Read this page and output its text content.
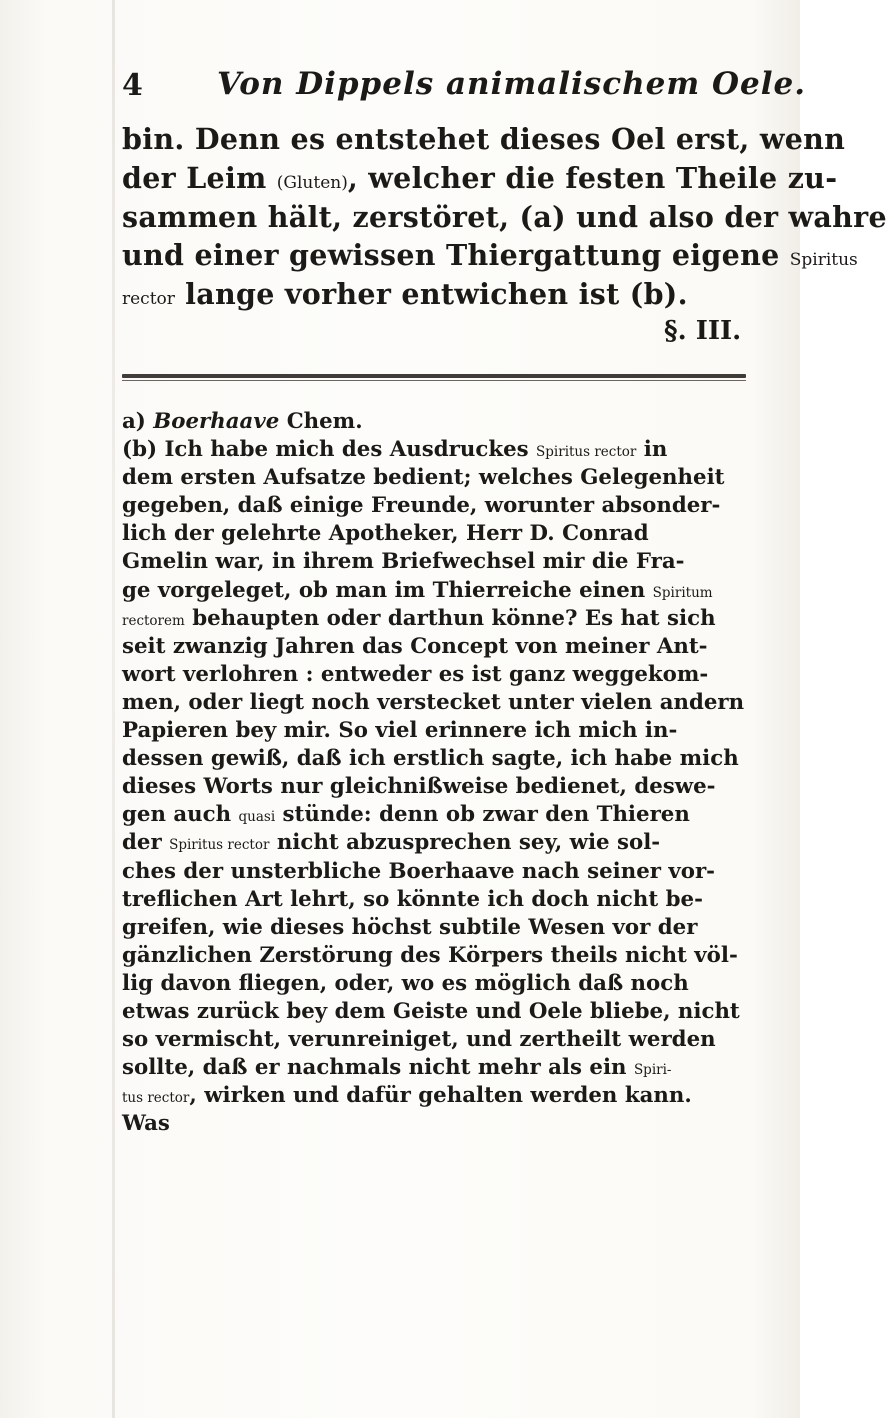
4 Von Dippels animalischem Oele.
bin. Denn es entstehet dieses Oel erst, wenn
der Leim (Gluten), welcher die festen Theile zu-
sammen hält, zerstöret, (a) und also der wahre
und einer gewissen Thiergattung eigene Spiritus
rector lange vorher entwichen ist (b).
§. III.
a) Boerhaave Chem.
(b) Ich habe mich des Ausdruckes Spiritus rector in
dem ersten Aufsatze bedient; welches Gelegenheit
gegeben, daß einige Freunde, worunter absonder-
lich der gelehrte Apotheker, Herr D. Conrad
Gmelin war, in ihrem Briefwechsel mir die Fra-
ge vorgeleget, ob man im Thierreiche einen Spiritum
rectorem behaupten oder darthun könne? Es hat sich
seit zwanzig Jahren das Concept von meiner Ant-
wort verlohren : entweder es ist ganz weggekom-
men, oder liegt noch verstecket unter vielen andern
Papieren bey mir. So viel erinnere ich mich in-
dessen gewiß, daß ich erstlich sagte, ich habe mich
dieses Worts nur gleichnißweise bedienet, deswe-
gen auch quasi stünde: denn ob zwar den Thieren
der Spiritus rector nicht abzusprechen sey, wie sol-
ches der unsterbliche Boerhaave nach seiner vor-
treflichen Art lehrt, so könnte ich doch nicht be-
greifen, wie dieses höchst subtile Wesen vor der
gänzlichen Zerstörung des Körpers theils nicht völ-
lig davon fliegen, oder, wo es möglich daß noch
etwas zurück bey dem Geiste und Oele bliebe, nicht
so vermischt, verunreiniget, und zertheilt werden
sollte, daß er nachmals nicht mehr als ein Spiri-
tus rector, wirken und dafür gehalten werden kann.
Was
